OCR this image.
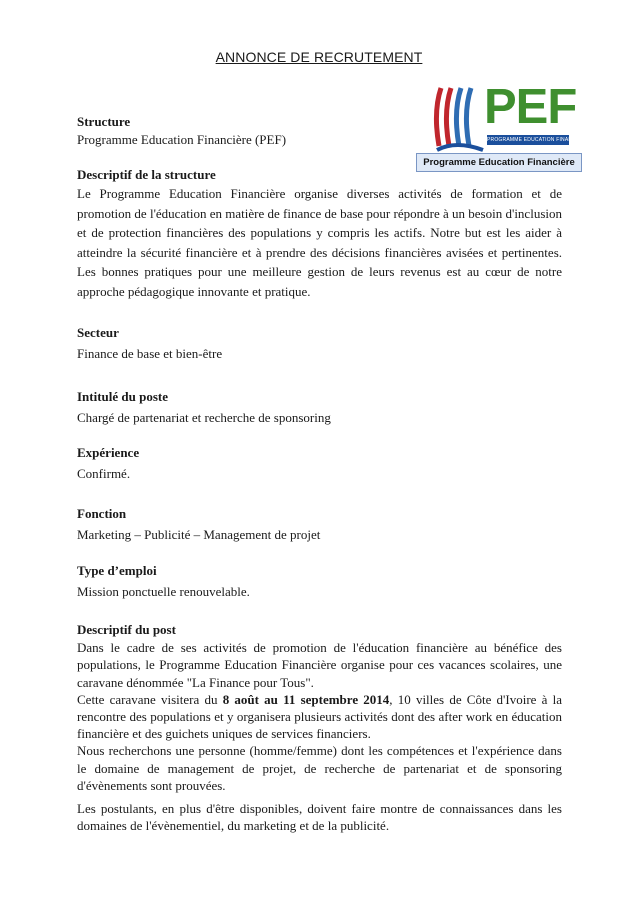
ANNONCE DE RECRUTEMENT
PEF
PROGRAMME EDUCATION FINANCIERE
Programme Education Financière
Structure
Programme Education Financière (PEF)
Descriptif de la structure
Le Programme Education Financière organise diverses activités de formation et de promotion de l'éducation en matière de finance de base pour répondre à un besoin d'inclusion et de protection financières des populations y compris les actifs. Notre but est les aider à atteindre la sécurité financière et à prendre des décisions financières avisées et pertinentes. Les bonnes pratiques pour une meilleure gestion de leurs revenus est au cœur de notre approche pédagogique innovante et pratique.
Secteur
Finance de base et bien-être
Intitulé du poste
Chargé de partenariat et recherche de sponsoring
Expérience
Confirmé.
Fonction
Marketing – Publicité – Management de projet
Type d’emploi
Mission ponctuelle renouvelable.
Descriptif du post
Dans le cadre de ses activités de promotion de l'éducation financière au bénéfice des populations, le Programme Education Financière organise pour ces vacances scolaires, une caravane dénommée "La Finance pour Tous".
Cette caravane visitera du 8 août au 11 septembre 2014, 10 villes de Côte d'Ivoire à la rencontre des populations et y organisera plusieurs activités dont des after work en éducation financière et des guichets uniques de services financiers.
Nous recherchons une personne (homme/femme) dont les compétences et l'expérience dans le domaine de management de projet, de recherche de partenariat et de sponsoring d'évènements sont prouvées.
Les postulants, en plus d'être disponibles, doivent faire montre de connaissances dans les domaines de l'évènementiel, du marketing et de la publicité.
